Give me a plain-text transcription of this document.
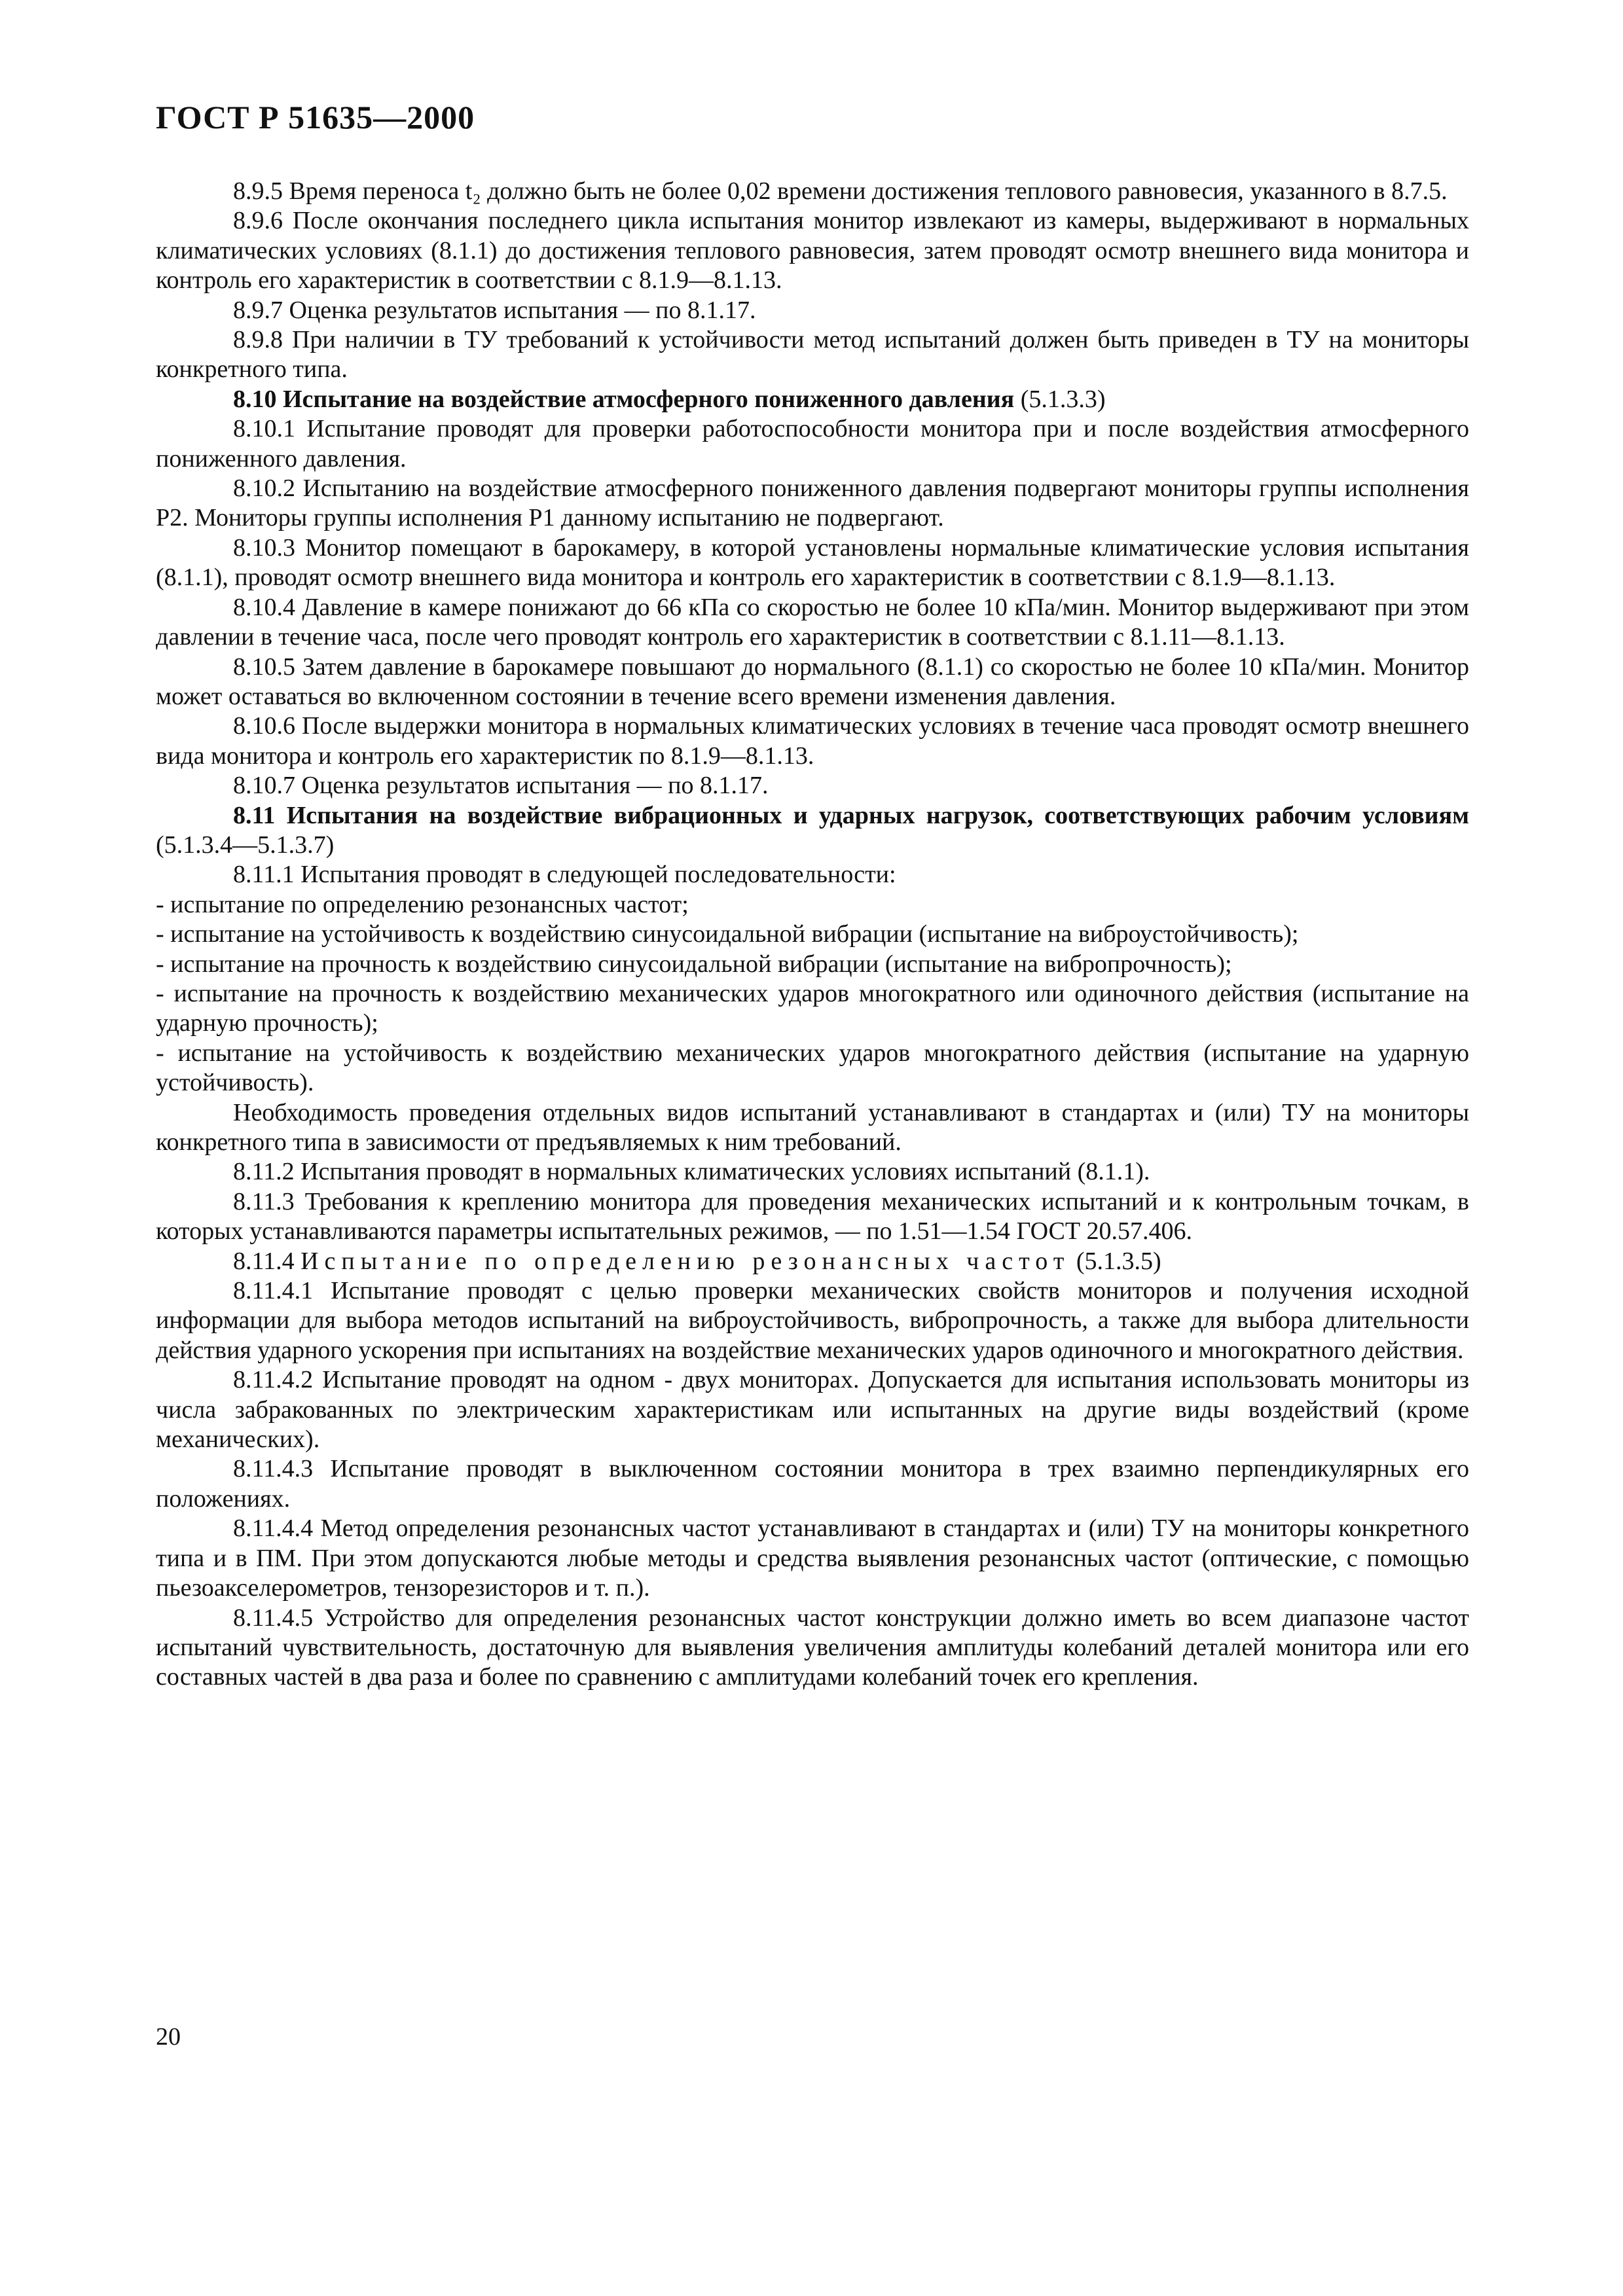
ГОСТ Р 51635—2000

8.9.5 Время переноса t₂ должно быть не более 0,02 времени достижения теплового равновесия, указанного в 8.7.5.

8.9.6 После окончания последнего цикла испытания монитор извлекают из камеры, выдерживают в нормальных климатических условиях (8.1.1) до достижения теплового равновесия, затем проводят осмотр внешнего вида монитора и контроль его характеристик в соответствии с 8.1.9—8.1.13.

8.9.7 Оценка результатов испытания — по 8.1.17.

8.9.8 При наличии в ТУ требований к устойчивости метод испытаний должен быть приведен в ТУ на мониторы конкретного типа.

8.10 Испытание на воздействие атмосферного пониженного давления (5.1.3.3)

8.10.1 Испытание проводят для проверки работоспособности монитора при и после воздействия атмосферного пониженного давления.

8.10.2 Испытанию на воздействие атмосферного пониженного давления подвергают мониторы группы исполнения Р2. Мониторы группы исполнения Р1 данному испытанию не подвергают.

8.10.3 Монитор помещают в барокамеру, в которой установлены нормальные климатические условия испытания (8.1.1), проводят осмотр внешнего вида монитора и контроль его характеристик в соответствии с 8.1.9—8.1.13.

8.10.4 Давление в камере понижают до 66 кПа со скоростью не более 10 кПа/мин. Монитор выдерживают при этом давлении в течение часа, после чего проводят контроль его характеристик в соответствии с 8.1.11—8.1.13.

8.10.5 Затем давление в барокамере повышают до нормального (8.1.1) со скоростью не более 10 кПа/мин. Монитор может оставаться во включенном состоянии в течение всего времени изменения давления.

8.10.6 После выдержки монитора в нормальных климатических условиях в течение часа проводят осмотр внешнего вида монитора и контроль его характеристик по 8.1.9—8.1.13.

8.10.7 Оценка результатов испытания — по 8.1.17.

8.11 Испытания на воздействие вибрационных и ударных нагрузок, соответствующих рабочим условиям (5.1.3.4—5.1.3.7)

8.11.1 Испытания проводят в следующей последовательности:

- испытание по определению резонансных частот;

- испытание на устойчивость к воздействию синусоидальной вибрации (испытание на виброустойчивость);

- испытание на прочность к воздействию синусоидальной вибрации (испытание на вибропрочность);

- испытание на прочность к воздействию механических ударов многократного или одиночного действия (испытание на ударную прочность);

- испытание на устойчивость к воздействию механических ударов многократного действия (испытание на ударную устойчивость).

Необходимость проведения отдельных видов испытаний устанавливают в стандартах и (или) ТУ на мониторы конкретного типа в зависимости от предъявляемых к ним требований.

8.11.2 Испытания проводят в нормальных климатических условиях испытаний (8.1.1).

8.11.3 Требования к креплению монитора для проведения механических испытаний и к контрольным точкам, в которых устанавливаются параметры испытательных режимов, — по 1.51—1.54 ГОСТ 20.57.406.

8.11.4 Испытание по определению резонансных частот (5.1.3.5)

8.11.4.1 Испытание проводят с целью проверки механических свойств мониторов и получения исходной информации для выбора методов испытаний на виброустойчивость, вибропрочность, а также для выбора длительности действия ударного ускорения при испытаниях на воздействие механических ударов одиночного и многократного действия.

8.11.4.2 Испытание проводят на одном - двух мониторах. Допускается для испытания использовать мониторы из числа забракованных по электрическим характеристикам или испытанных на другие виды воздействий (кроме механических).

8.11.4.3 Испытание проводят в выключенном состоянии монитора в трех взаимно перпендикулярных его положениях.

8.11.4.4 Метод определения резонансных частот устанавливают в стандартах и (или) ТУ на мониторы конкретного типа и в ПМ. При этом допускаются любые методы и средства выявления резонансных частот (оптические, с помощью пьезоакселерометров, тензорезисторов и т. п.).

8.11.4.5 Устройство для определения резонансных частот конструкции должно иметь во всем диапазоне частот испытаний чувствительность, достаточную для выявления увеличения амплитуды колебаний деталей монитора или его составных частей в два раза и более по сравнению с амплитудами колебаний точек его крепления.

20
